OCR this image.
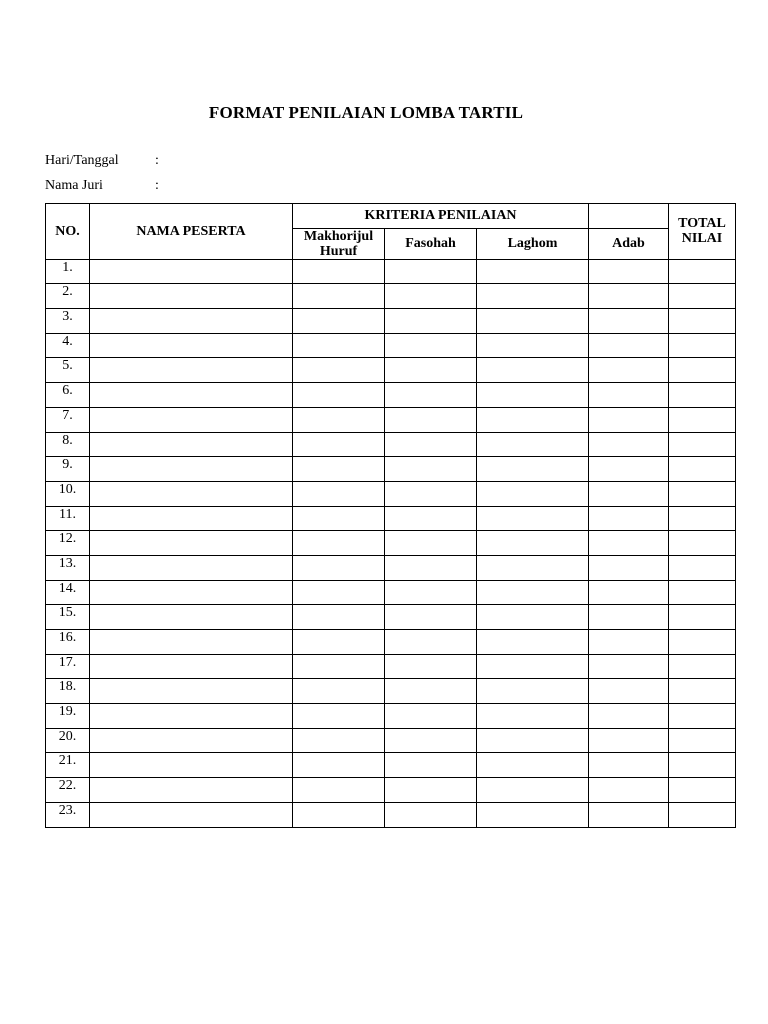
FORMAT PENILAIAN LOMBA TARTIL
Hari/Tanggal	:
Nama Juri	:
NO.	NAMA PESERTA	KRITERIA PENILAIAN				TOTAL NILAI
		Makhorijul Huruf	Fasohah	Laghom	Adab	
1.						
2.						
3.						
4.						
5.						
6.						
7.						
8.						
9.						
10.						
11.						
12.						
13.						
14.						
15.						
16.						
17.						
18.						
19.						
20.						
21.						
22.						
23.						
